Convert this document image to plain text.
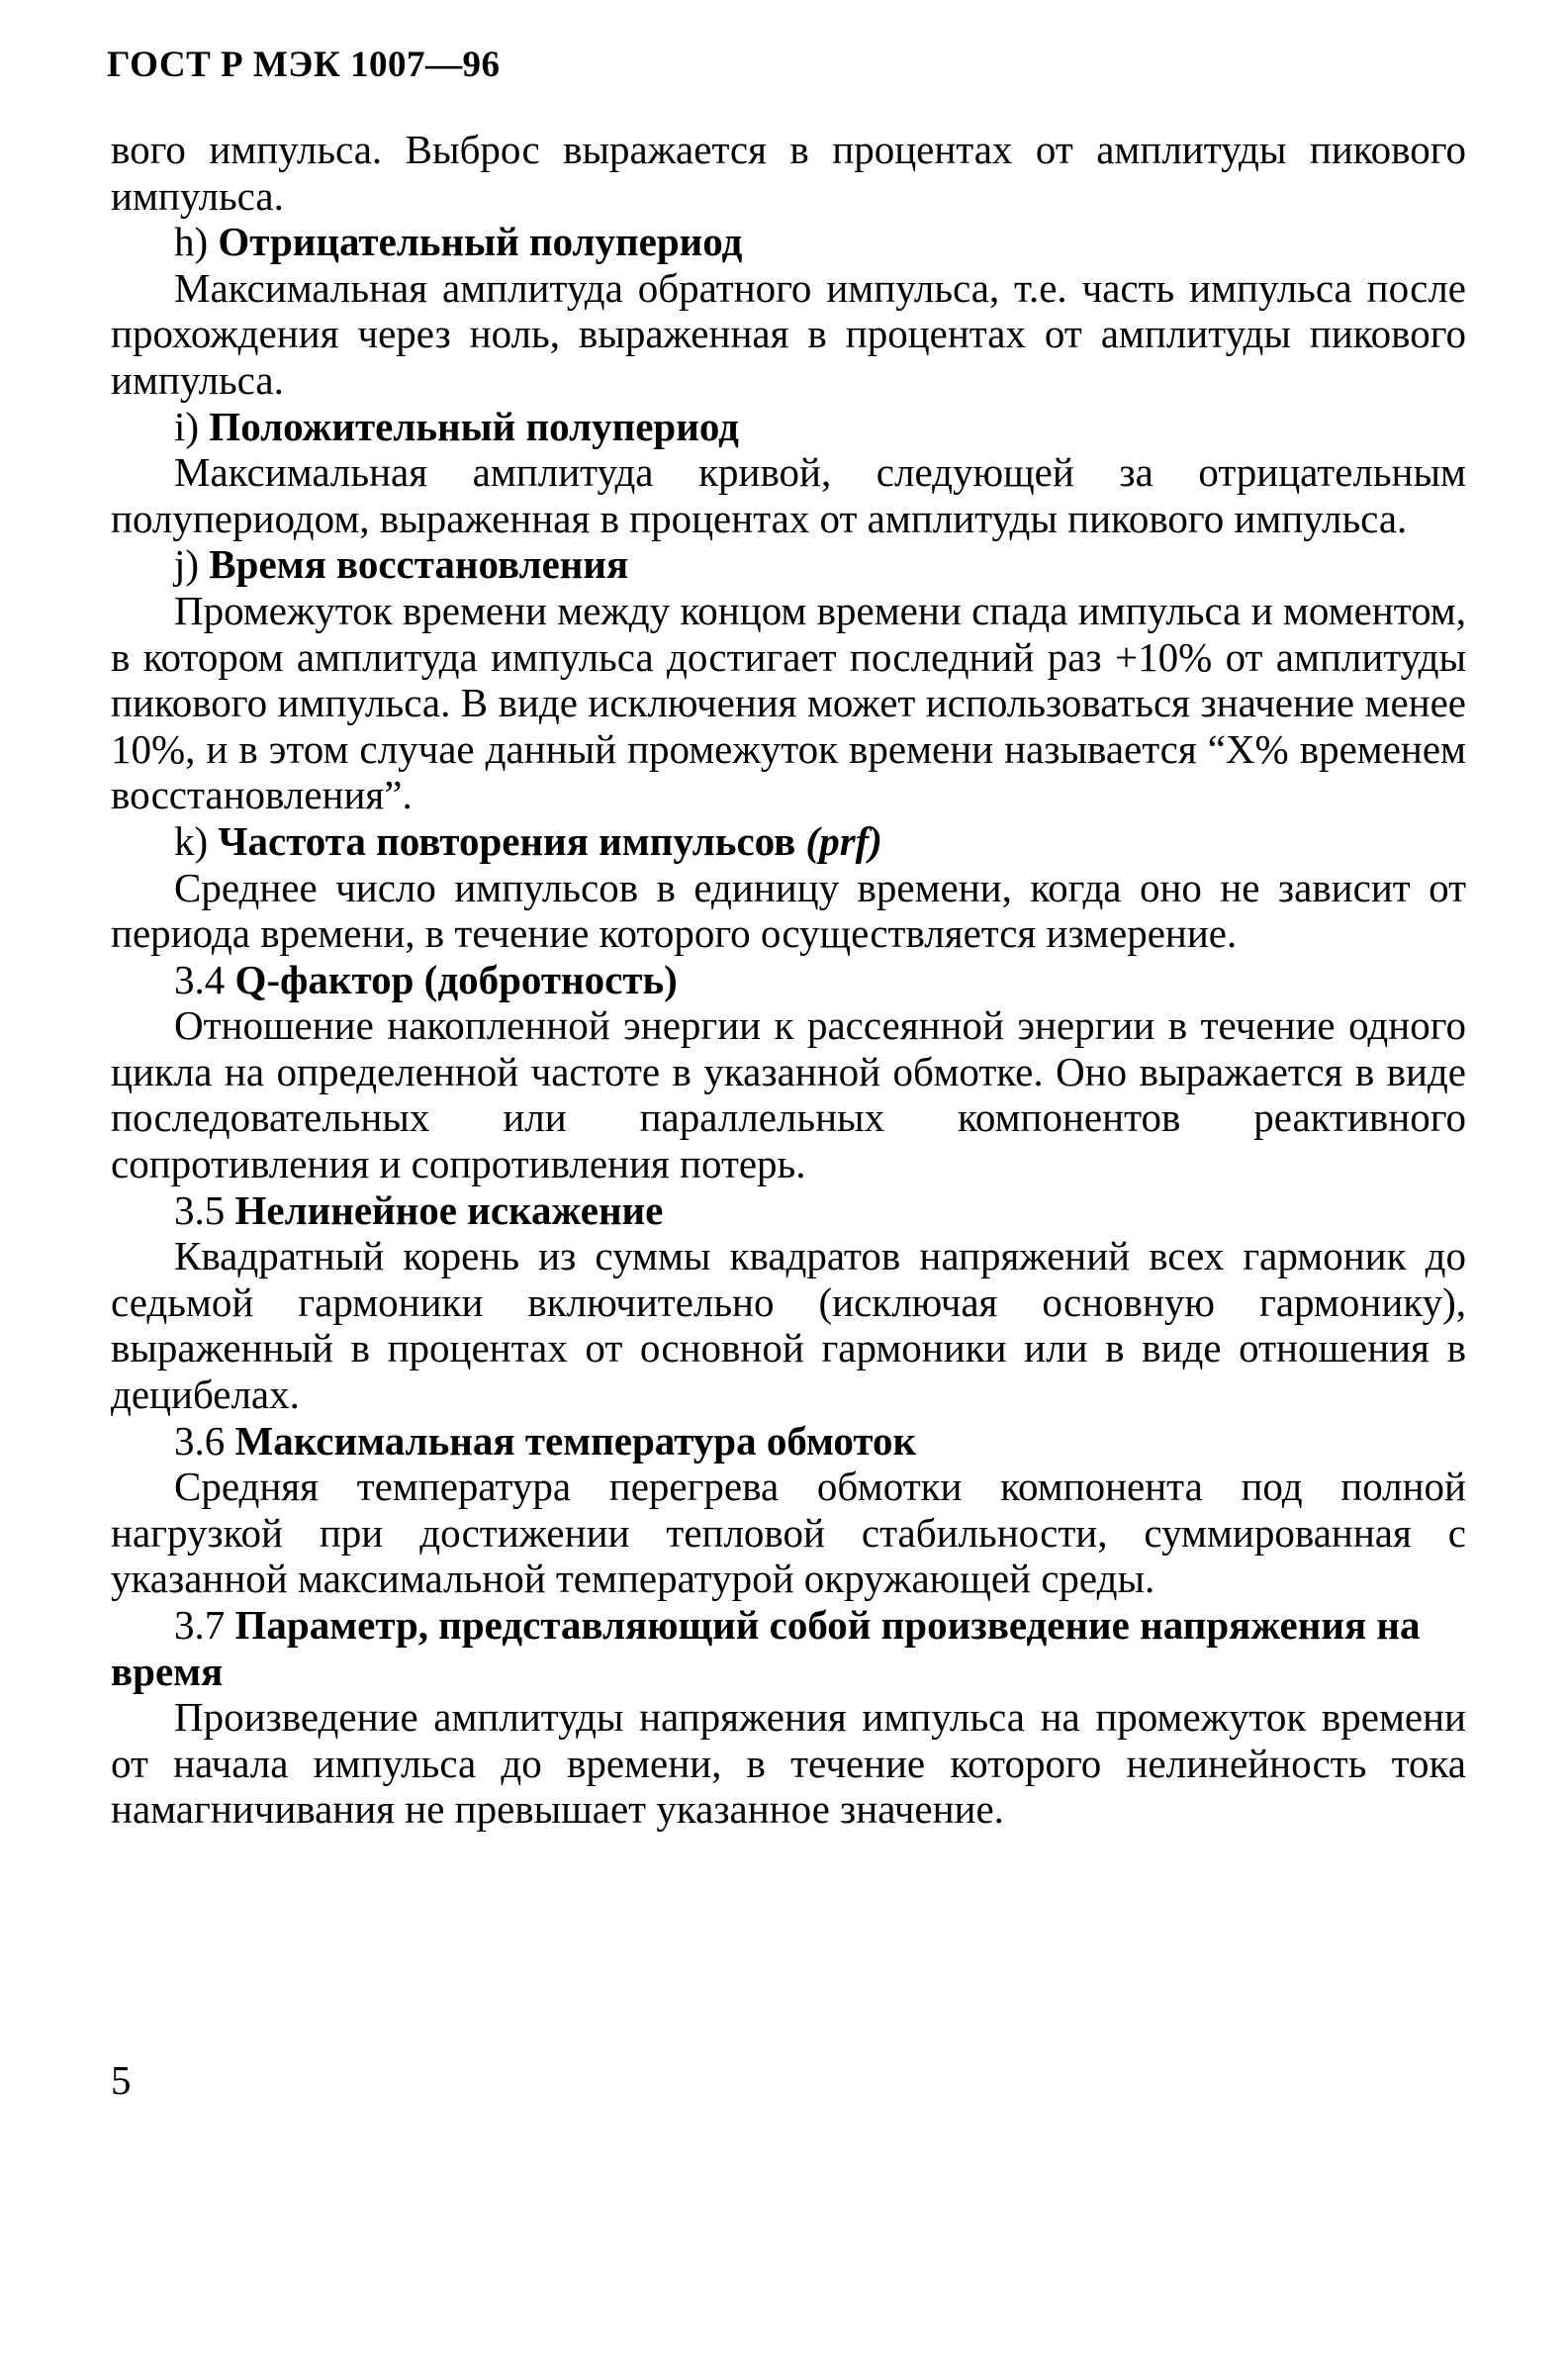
ГОСТ Р МЭК 1007—96

вого импульса. Выброс выражается в процентах от амплитуды пикового импульса.

h) Отрицательный полупериод

Максимальная амплитуда обратного импульса, т.е. часть импульса после прохождения через ноль, выраженная в процентах от амплитуды пикового импульса.

i) Положительный полупериод

Максимальная амплитуда кривой, следующей за отрицательным полупериодом, выраженная в процентах от амплитуды пикового импульса.

j) Время восстановления

Промежуток времени между концом времени спада импульса и моментом, в котором амплитуда импульса достигает последний раз +10% от амплитуды пикового импульса. В виде исключения может использоваться значение менее 10%, и в этом случае данный промежуток времени называется “X% временем восстановления”.

k) Частота повторения импульсов (prf)

Среднее число импульсов в единицу времени, когда оно не зависит от периода времени, в течение которого осуществляется измерение.

3.4 Q-фактор (добротность)

Отношение накопленной энергии к рассеянной энергии в течение одного цикла на определенной частоте в указанной обмотке. Оно выражается в виде последовательных или параллельных компонентов реактивного сопротивления и сопротивления потерь.

3.5 Нелинейное искажение

Квадратный корень из суммы квадратов напряжений всех гармоник до седьмой гармоники включительно (исключая основную гармонику), выраженный в процентах от основной гармоники или в виде отношения в децибелах.

3.6 Максимальная температура обмоток

Средняя температура перегрева обмотки компонента под полной нагрузкой при достижении тепловой стабильности, суммированная с указанной максимальной температурой окружающей среды.

3.7 Параметр, представляющий собой произведение напряжения на время

Произведение амплитуды напряжения импульса на промежуток времени от начала импульса до времени, в течение которого нелинейность тока намагничивания не превышает указанное значение.

5
